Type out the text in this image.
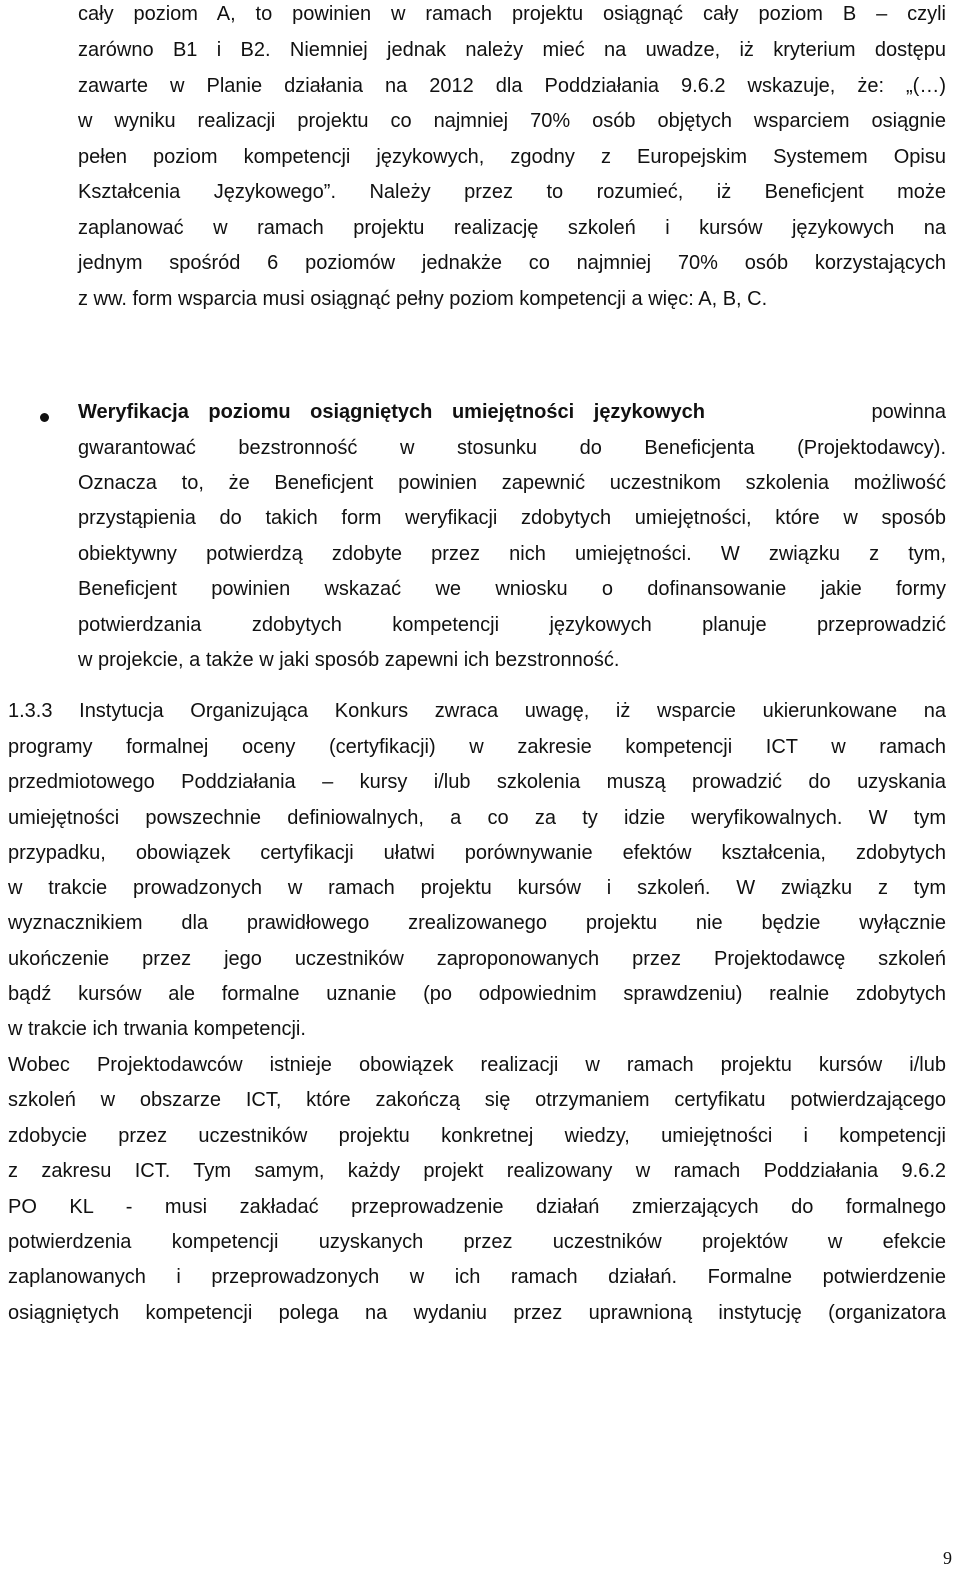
cały poziom A, to powinien w ramach projektu osiągnąć cały poziom B – czyli
zarówno B1 i B2. Niemniej jednak należy mieć na uwadze, iż kryterium dostępu
zawarte w Planie działania na 2012 dla Poddziałania 9.6.2 wskazuje, że: „(…)
w wyniku realizacji projektu co najmniej 70% osób objętych wsparciem osiągnie
pełen poziom kompetencji językowych, zgodny z Europejskim Systemem Opisu
Kształcenia Językowego”. Należy przez to rozumieć, iż Beneficjent może
zaplanować w ramach projektu realizację szkoleń i kursów językowych na
jednym spośród 6 poziomów jednakże co najmniej 70% osób korzystających
z ww. form wsparcia musi osiągnąć pełny poziom kompetencji a więc: A, B, C.
Weryfikacja poziomu osiągniętych umiejętności językowych	powinna
gwarantować bezstronność w stosunku do Beneficjenta (Projektodawcy).
Oznacza to, że Beneficjent powinien zapewnić uczestnikom szkolenia możliwość
przystąpienia do takich form weryfikacji zdobytych umiejętności, które w sposób
obiektywny potwierdzą zdobyte przez nich umiejętności. W związku z tym,
Beneficjent powinien wskazać we wniosku o dofinansowanie jakie formy
potwierdzania zdobytych kompetencji językowych planuje przeprowadzić
w projekcie, a także w jaki sposób zapewni ich bezstronność.
1.3.3 Instytucja Organizująca Konkurs zwraca uwagę, iż wsparcie ukierunkowane na
programy formalnej oceny (certyfikacji) w zakresie kompetencji ICT w ramach
przedmiotowego Poddziałania – kursy i/lub szkolenia muszą prowadzić do uzyskania
umiejętności powszechnie definiowalnych, a co za ty idzie weryfikowalnych. W tym
przypadku, obowiązek certyfikacji ułatwi porównywanie efektów kształcenia, zdobytych
w trakcie prowadzonych w ramach projektu kursów i szkoleń. W związku z tym
wyznacznikiem dla prawidłowego zrealizowanego projektu nie będzie wyłącznie
ukończenie przez jego uczestników zaproponowanych przez Projektodawcę szkoleń
bądź kursów ale formalne uznanie (po odpowiednim sprawdzeniu) realnie zdobytych
w trakcie ich trwania kompetencji.
Wobec Projektodawców istnieje obowiązek realizacji w ramach projektu kursów i/lub
szkoleń w obszarze ICT, które zakończą się otrzymaniem certyfikatu potwierdzającego
zdobycie przez uczestników projektu konkretnej wiedzy, umiejętności i kompetencji
z zakresu ICT. Tym samym, każdy projekt realizowany w ramach Poddziałania 9.6.2
PO KL - musi zakładać przeprowadzenie działań zmierzających do formalnego
potwierdzenia kompetencji uzyskanych przez uczestników projektów w efekcie
zaplanowanych i przeprowadzonych w ich ramach działań. Formalne potwierdzenie
osiągniętych kompetencji polega na wydaniu przez uprawnioną instytucję (organizatora
9
